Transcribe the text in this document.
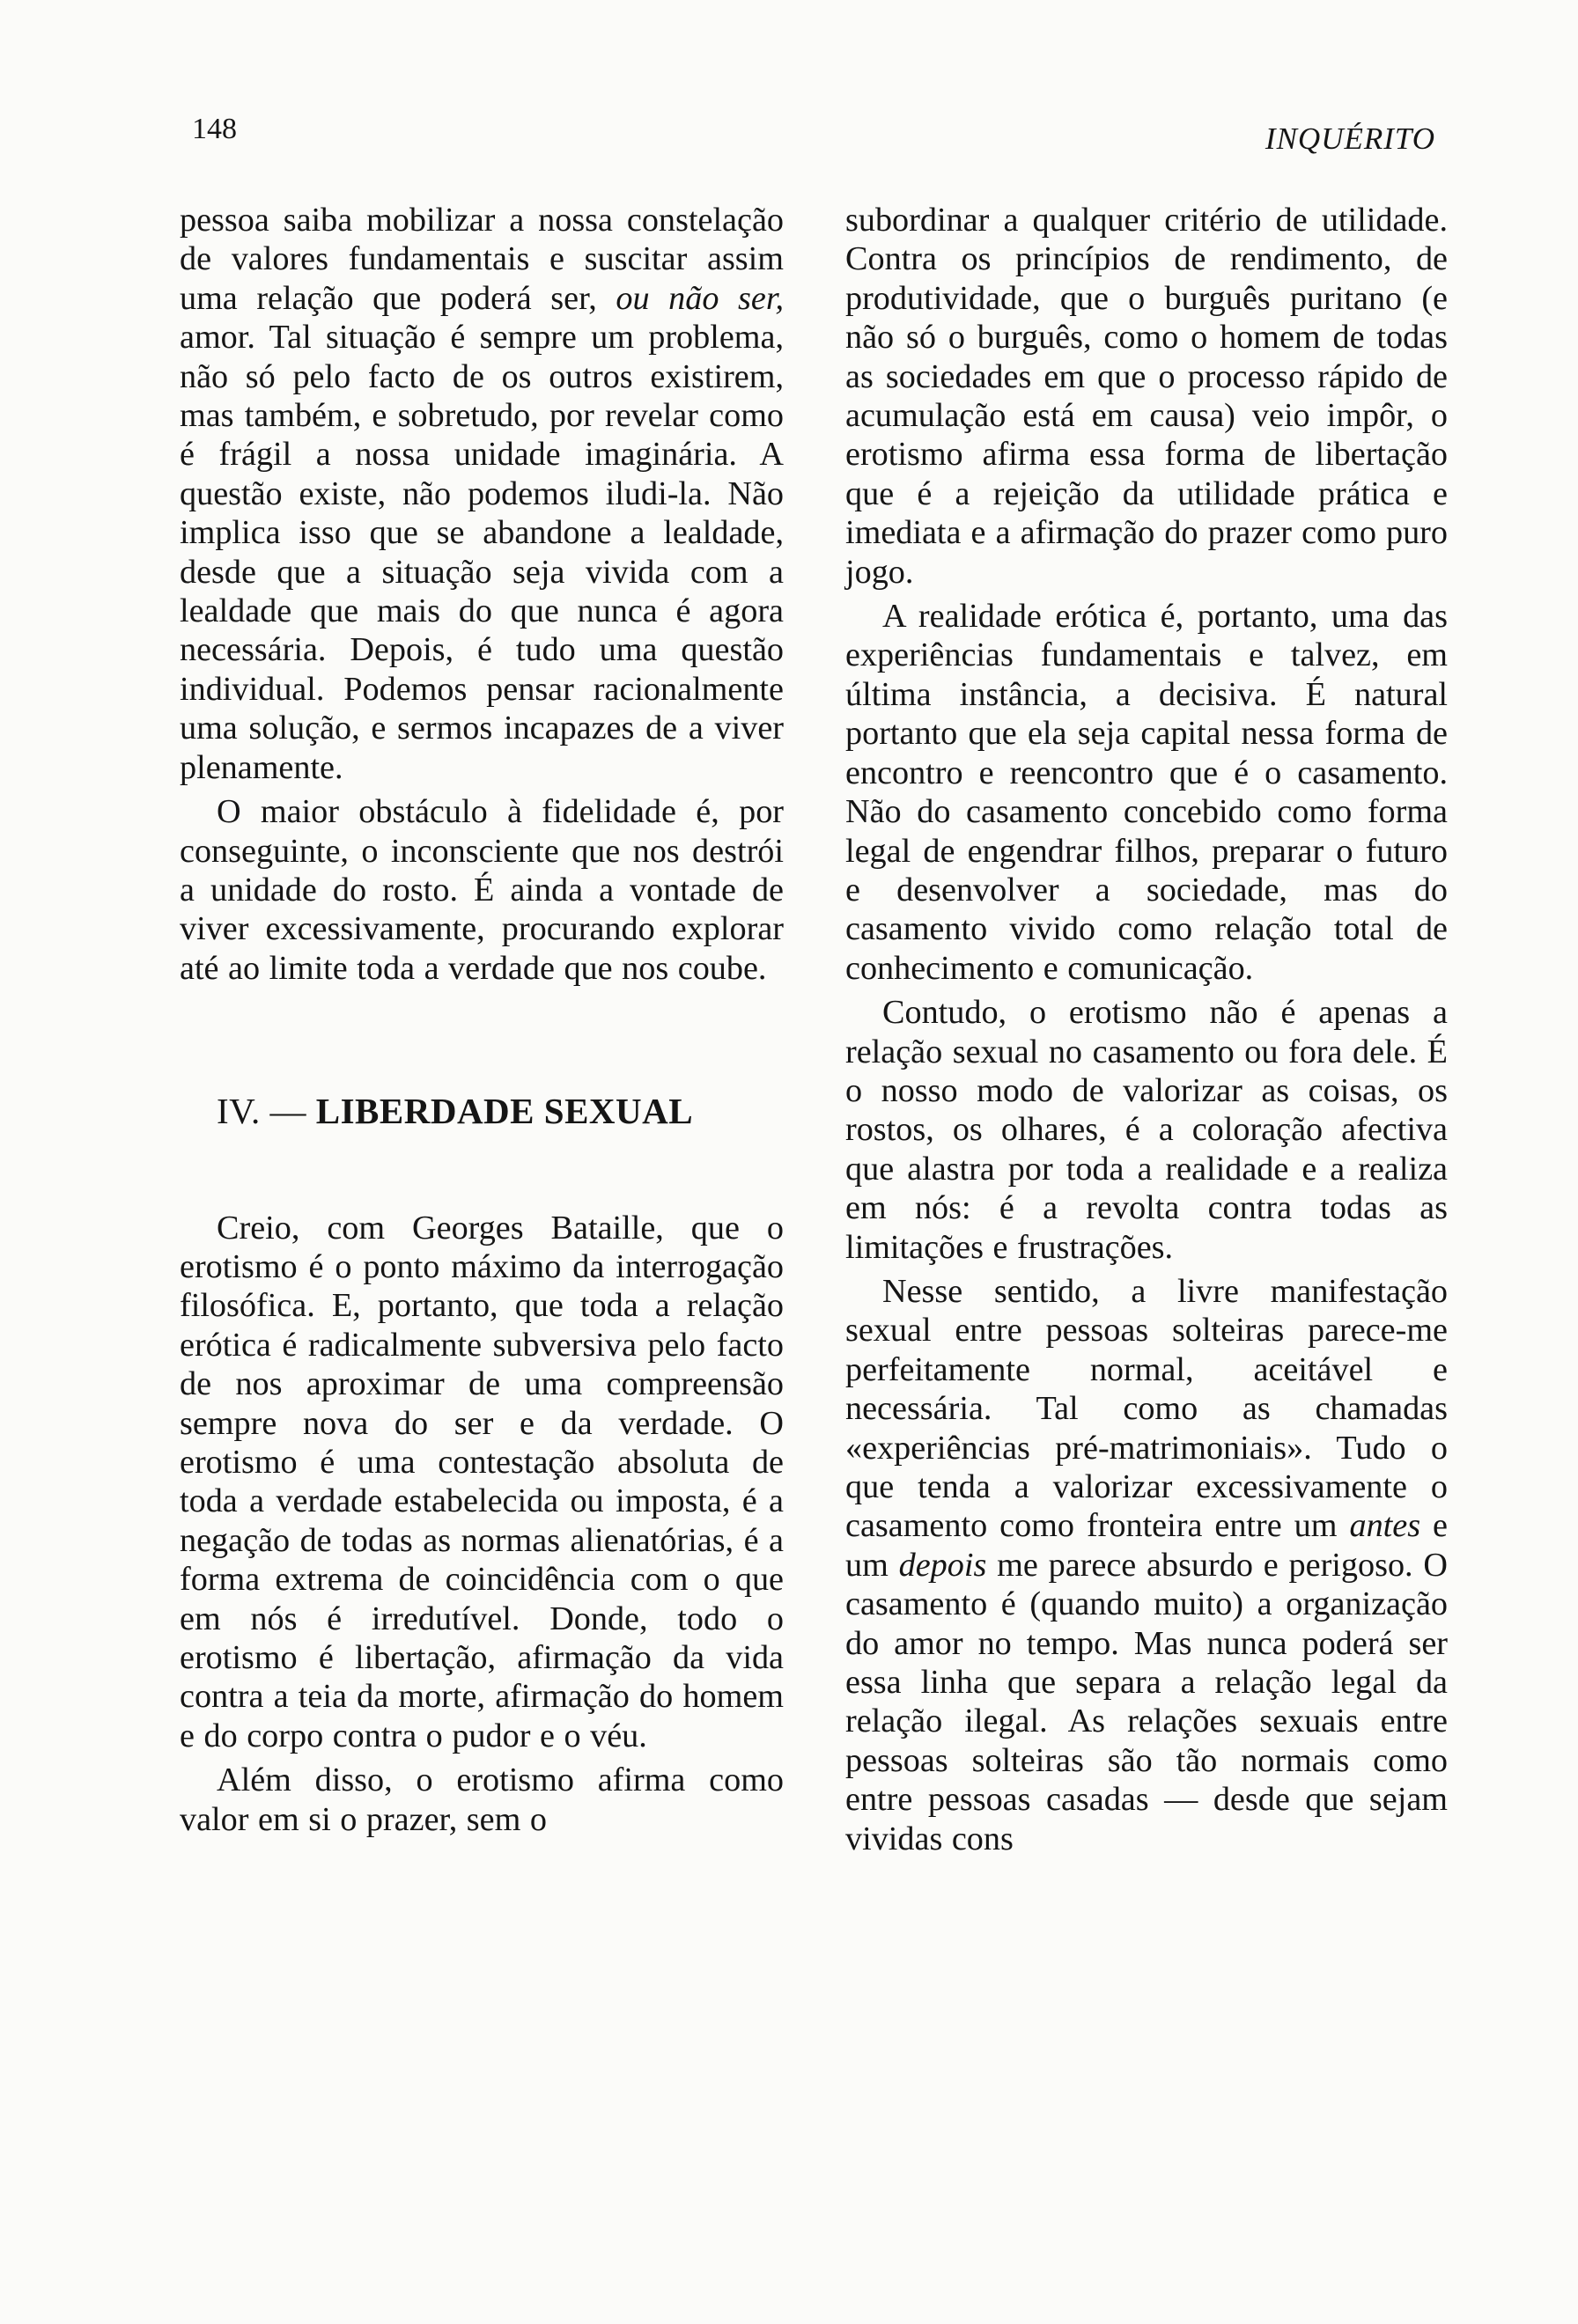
148	INQUÉRITO

pessoa saiba mobilizar a nossa constelação de valores fundamentais e suscitar assim uma relação que poderá ser, ou não ser, amor. Tal situação é sempre um problema, não só pelo facto de os outros existirem, mas também, e sobretudo, por revelar como é frágil a nossa unidade imaginária. A questão existe, não podemos iludi-la. Não implica isso que se abandone a lealdade, desde que a situação seja vivida com a lealdade que mais do que nunca é agora necessária. Depois, é tudo uma questão individual. Podemos pensar racionalmente uma solução, e sermos incapazes de a viver plenamente.

O maior obstáculo à fidelidade é, por conseguinte, o inconsciente que nos destrói a unidade do rosto. É ainda a vontade de viver excessivamente, procurando explorar até ao limite toda a verdade que nos coube.

IV. — LIBERDADE SEXUAL

Creio, com Georges Bataille, que o erotismo é o ponto máximo da interrogação filosófica. E, portanto, que toda a relação erótica é radicalmente subversiva pelo facto de nos aproximar de uma compreensão sempre nova do ser e da verdade. O erotismo é uma contestação absoluta de toda a verdade estabelecida ou imposta, é a negação de todas as normas alienatórias, é a forma extrema de coincidência com o que em nós é irredutível. Donde, todo o erotismo é libertação, afirmação da vida contra a teia da morte, afirmação do homem e do corpo contra o pudor e o véu.

Além disso, o erotismo afirma como valor em si o prazer, sem o

subordinar a qualquer critério de utilidade. Contra os princípios de rendimento, de produtividade, que o burguês puritano (e não só o burguês, como o homem de todas as sociedades em que o processo rápido de acumulação está em causa) veio impôr, o erotismo afirma essa forma de libertação que é a rejeição da utilidade prática e imediata e a afirmação do prazer como puro jogo.

A realidade erótica é, portanto, uma das experiências fundamentais e talvez, em última instância, a decisiva. É natural portanto que ela seja capital nessa forma de encontro e reencontro que é o casamento. Não do casamento concebido como forma legal de engendrar filhos, preparar o futuro e desenvolver a sociedade, mas do casamento vivido como relação total de conhecimento e comunicação.

Contudo, o erotismo não é apenas a relação sexual no casamento ou fora dele. É o nosso modo de valorizar as coisas, os rostos, os olhares, é a coloração afectiva que alastra por toda a realidade e a realiza em nós: é a revolta contra todas as limitações e frustrações.

Nesse sentido, a livre manifestação sexual entre pessoas solteiras parece-me perfeitamente normal, aceitável e necessária. Tal como as chamadas «experiências pré-matrimoniais». Tudo o que tenda a valorizar excessivamente o casamento como fronteira entre um antes e um depois me parece absurdo e perigoso. O casamento é (quando muito) a organização do amor no tempo. Mas nunca poderá ser essa linha que separa a relação legal da relação ilegal. As relações sexuais entre pessoas solteiras são tão normais como entre pessoas casadas — desde que sejam vividas cons
